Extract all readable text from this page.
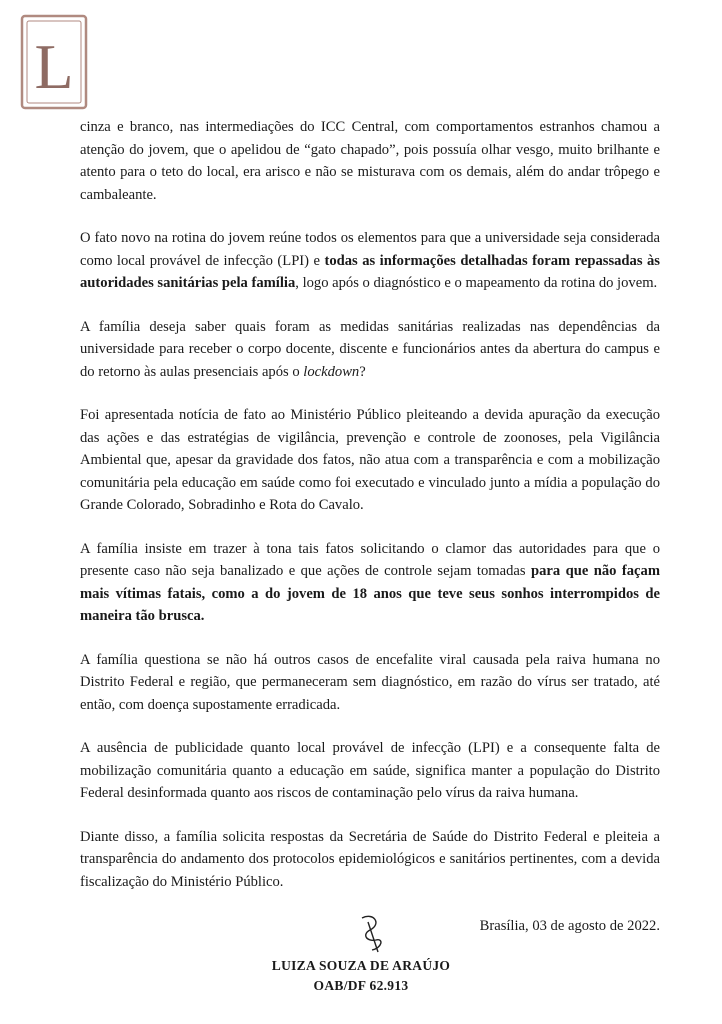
L

cinza e branco, nas intermediações do ICC Central, com comportamentos estranhos chamou a atenção do jovem, que o apelidou de “gato chapado”, pois possuía olhar vesgo, muito brilhante e atento para o teto do local, era arisco e não se misturava com os demais, além do andar trôpego e cambaleante.

O fato novo na rotina do jovem reúne todos os elementos para que a universidade seja considerada como local provável de infecção (LPI) e todas as informações detalhadas foram repassadas às autoridades sanitárias pela família, logo após o diagnóstico e o mapeamento da rotina do jovem.

A família deseja saber quais foram as medidas sanitárias realizadas nas dependências da universidade para receber o corpo docente, discente e funcionários antes da abertura do campus e do retorno às aulas presenciais após o lockdown?

Foi apresentada notícia de fato ao Ministério Público pleiteando a devida apuração da execução das ações e das estratégias de vigilância, prevenção e controle de zoonoses, pela Vigilância Ambiental que, apesar da gravidade dos fatos, não atua com a transparência e com a mobilização comunitária pela educação em saúde como foi executado e vinculado junto a mídia a população do Grande Colorado, Sobradinho e Rota do Cavalo.

A família insiste em trazer à tona tais fatos solicitando o clamor das autoridades para que o presente caso não seja banalizado e que ações de controle sejam tomadas para que não façam mais vítimas fatais, como a do jovem de 18 anos que teve seus sonhos interrompidos de maneira tão brusca.

A família questiona se não há outros casos de encefalite viral causada pela raiva humana no Distrito Federal e região, que permaneceram sem diagnóstico, em razão do vírus ser tratado, até então, com doença supostamente erradicada.

A ausência de publicidade quanto local provável de infecção (LPI) e a consequente falta de mobilização comunitária quanto a educação em saúde, significa manter a população do Distrito Federal desinformada quanto aos riscos de contaminação pelo vírus da raiva humana.

Diante disso, a família solicita respostas da Secretária de Saúde do Distrito Federal e pleiteia a transparência do andamento dos protocolos epidemiológicos e sanitários pertinentes, com a devida fiscalização do Ministério Público.

Brasília, 03 de agosto de 2022.
LUIZA SOUZA DE ARAÚJO
OAB/DF 62.913
